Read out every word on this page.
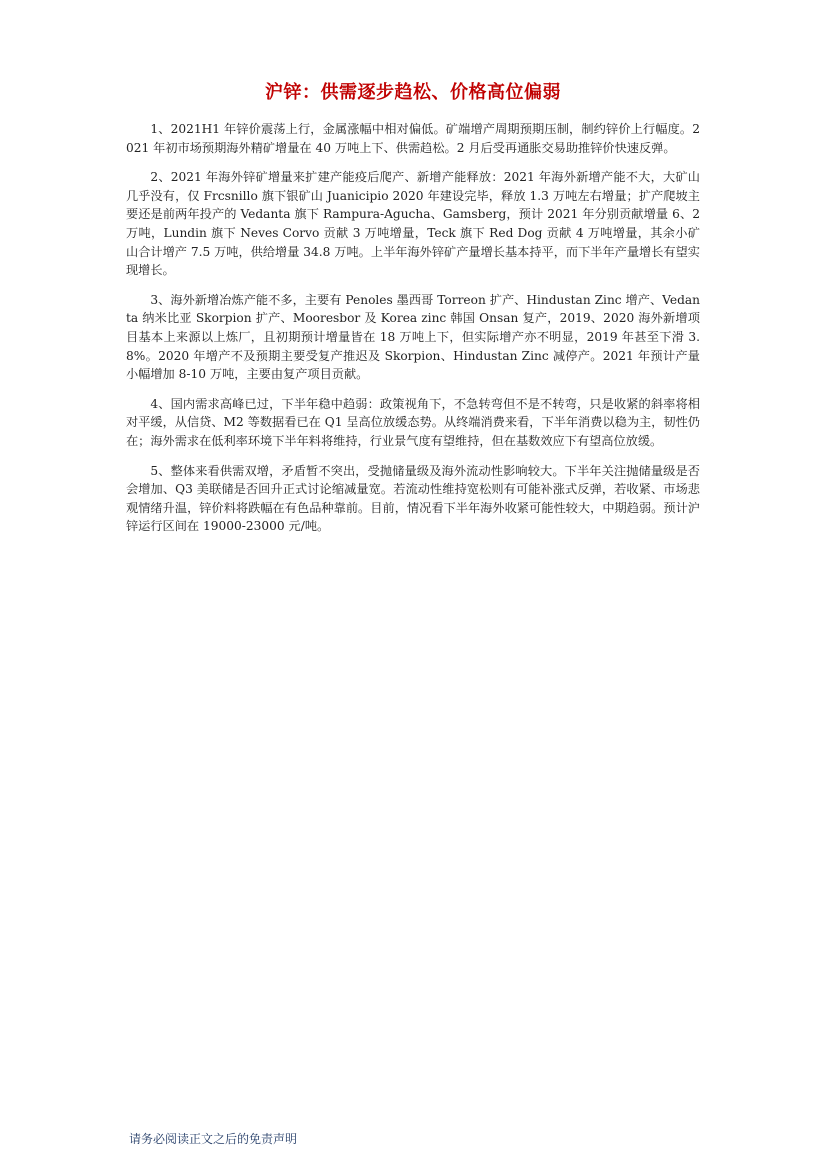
沪锌：供需逐步趋松、价格高位偏弱

1、2021H1 年锌价震荡上行，金属涨幅中相对偏低。矿端增产周期预期压制，制约锌价上行幅度。2021 年初市场预期海外精矿增量在 40 万吨上下、供需趋松。2 月后受再通胀交易助推锌价快速反弹。

2、2021 年海外锌矿增量来扩建产能疫后爬产、新增产能释放：2021 年海外新增产能不大，大矿山几乎没有，仅 Frcsnillo 旗下银矿山 Juanicipio 2020 年建设完毕，释放 1.3 万吨左右增量；扩产爬坡主要还是前两年投产的 Vedanta 旗下 Rampura-Agucha、Gamsberg，预计 2021 年分别贡献增量 6、2 万吨，Lundin 旗下 Neves Corvo 贡献 3 万吨增量，Teck 旗下 Red Dog 贡献 4 万吨增量，其余小矿山合计增产 7.5 万吨，供给增量 34.8 万吨。上半年海外锌矿产量增长基本持平，而下半年产量增长有望实现增长。

3、海外新增冶炼产能不多，主要有 Penoles 墨西哥 Torreon 扩产、Hindustan Zinc 增产、Vedanta 纳米比亚 Skorpion 扩产、Mooresbor 及 Korea zinc 韩国 Onsan 复产，2019、2020 海外新增项目基本上来源以上炼厂，且初期预计增量皆在 18 万吨上下，但实际增产亦不明显，2019 年甚至下滑 3.8%。2020 年增产不及预期主要受复产推迟及 Skorpion、Hindustan Zinc 减停产。2021 年预计产量小幅增加 8-10 万吨，主要由复产项目贡献。

4、国内需求高峰已过，下半年稳中趋弱：政策视角下，不急转弯但不是不转弯，只是收紧的斜率将相对平缓，从信贷、M2 等数据看已在 Q1 呈高位放缓态势。从终端消费来看，下半年消费以稳为主，韧性仍在；海外需求在低利率环境下半年料将维持，行业景气度有望维持，但在基数效应下有望高位放缓。

5、整体来看供需双增，矛盾暂不突出，受抛储量级及海外流动性影响较大。下半年关注抛储量级是否会增加、Q3 美联储是否回升正式讨论缩减量宽。若流动性维持宽松则有可能补涨式反弹，若收紧、市场悲观情绪升温，锌价料将跌幅在有色品种靠前。目前，情况看下半年海外收紧可能性较大，中期趋弱。预计沪锌运行区间在 19000-23000 元/吨。

请务必阅读正文之后的免责声明
